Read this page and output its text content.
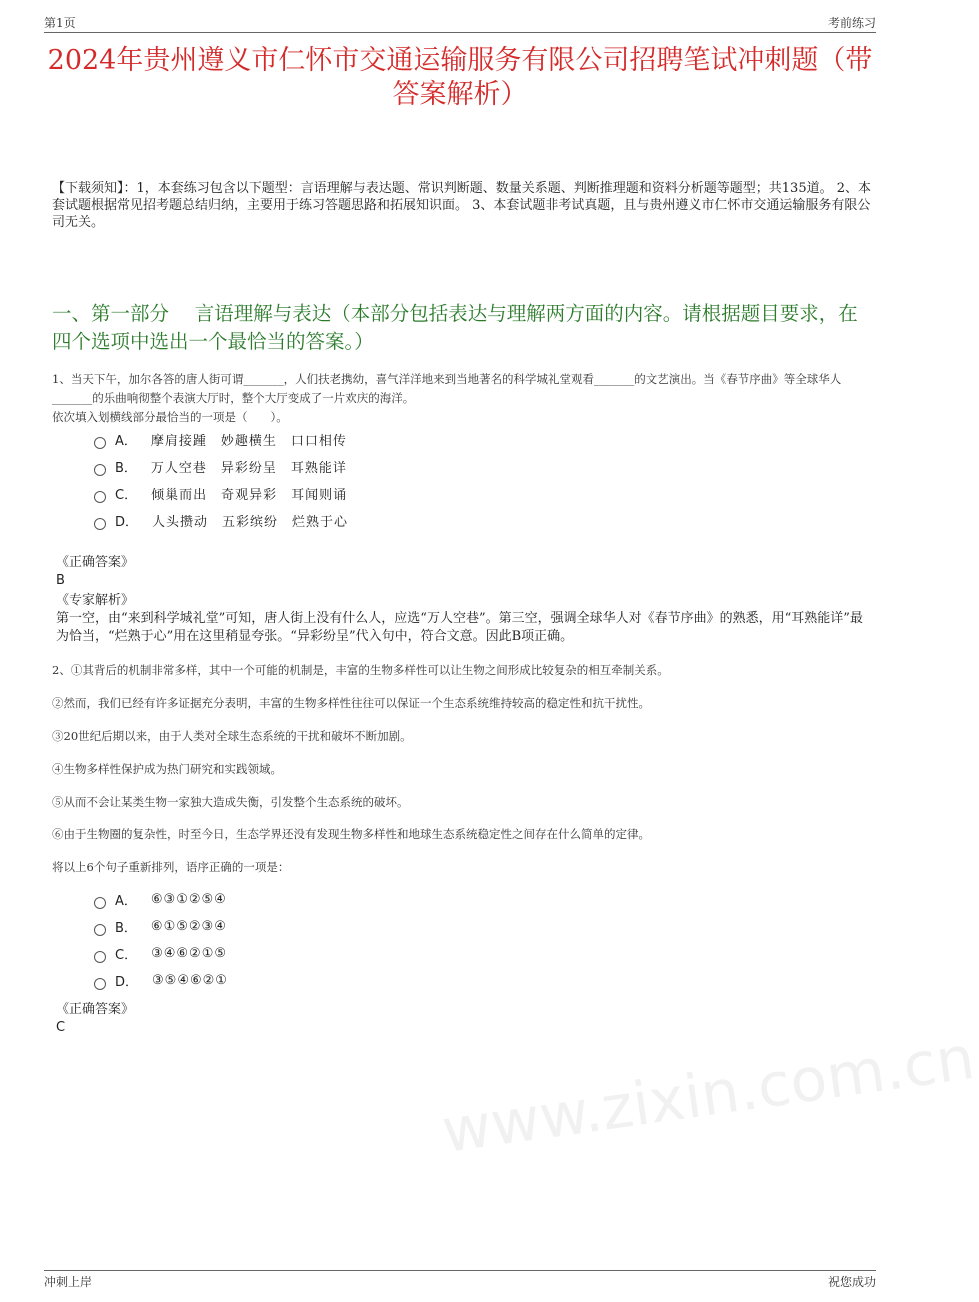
第1页	考前练习
2024年贵州遵义市仁怀市交通运输服务有限公司招聘笔试冲刺题（带答案解析）
【下载须知】：1，本套练习包含以下题型：言语理解与表达题、常识判断题、数量关系题、判断推理题和资料分析题等题型；共135道。 2、本套试题根据常见招考题总结归纳，主要用于练习答题思路和拓展知识面。 3、本套试题非考试真题，且与贵州遵义市仁怀市交通运输服务有限公司无关。
一、第一部分　 言语理解与表达（本部分包括表达与理解两方面的内容。请根据题目要求，在四个选项中选出一个最恰当的答案。）
1、当天下午，加尔各答的唐人街可谓_______，人们扶老携幼，喜气洋洋地来到当地著名的科学城礼堂观看_______的文艺演出。当《春节序曲》等全球华人_______的乐曲响彻整个表演大厅时，整个大厅变成了一片欢庆的海洋。
依次填入划横线部分最恰当的一项是（　　）。
A． 摩肩接踵　妙趣横生　口口相传
B． 万人空巷　异彩纷呈　耳熟能详
C． 倾巢而出　奇观异彩　耳闻则诵
D． 人头攒动　五彩缤纷　烂熟于心
《正确答案》
B
《专家解析》
第一空，由“来到科学城礼堂”可知，唐人街上没有什么人，应选“万人空巷”。第三空，强调全球华人对《春节序曲》的熟悉，用“耳熟能详”最为恰当，“烂熟于心”用在这里稍显夸张。“异彩纷呈”代入句中，符合文意。因此B项正确。
2、①其背后的机制非常多样，其中一个可能的机制是，丰富的生物多样性可以让生物之间形成比较复杂的相互牵制关系。
②然而，我们已经有许多证据充分表明，丰富的生物多样性往往可以保证一个生态系统维持较高的稳定性和抗干扰性。
③20世纪后期以来，由于人类对全球生态系统的干扰和破坏不断加剧。
④生物多样性保护成为热门研究和实践领域。
⑤从而不会让某类生物一家独大造成失衡，引发整个生态系统的破坏。
⑥由于生物圈的复杂性，时至今日，生态学界还没有发现生物多样性和地球生态系统稳定性之间存在什么简单的定律。
将以上6个句子重新排列，语序正确的一项是：
A． ⑥③①②⑤④
B． ⑥①⑤②③④
C． ③④⑥②①⑤
D． ③⑤④⑥②①
《正确答案》
C	www.zixin.com.cn
冲刺上岸	祝您成功
